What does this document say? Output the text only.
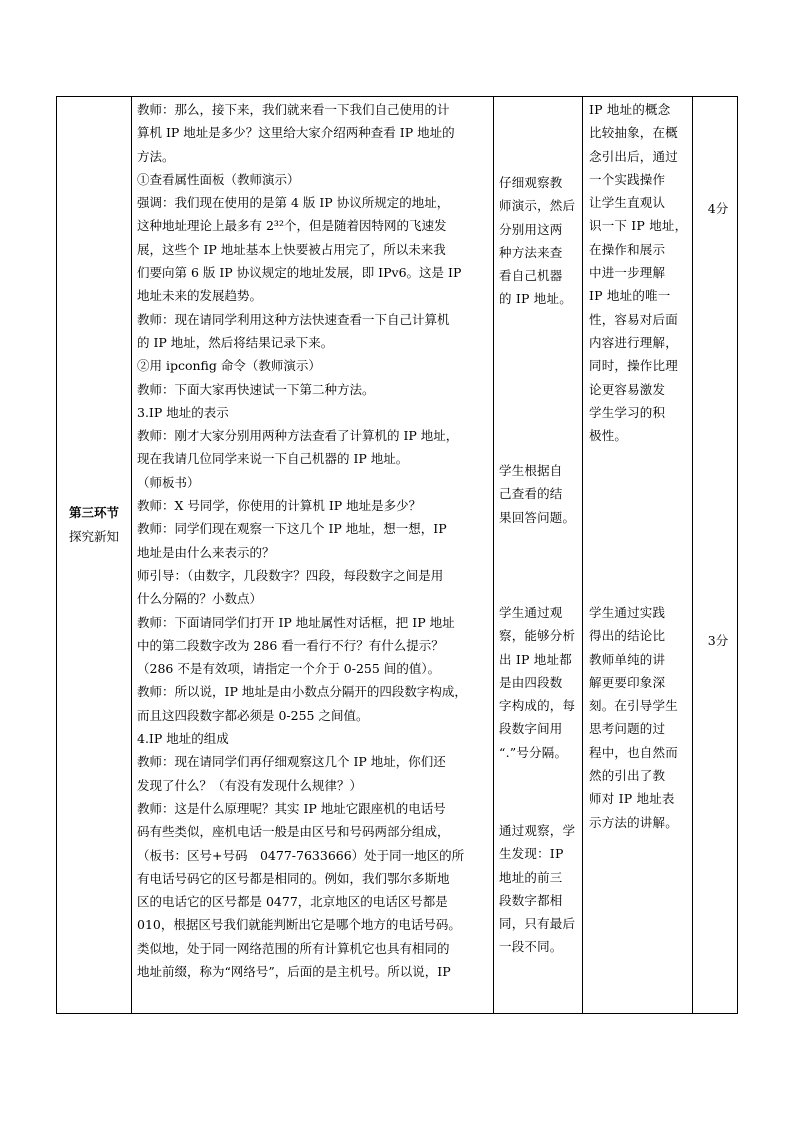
第三环节
探究新知

教师：那么，接下来，我们就来看一下我们自己使用的计

算机 IP 地址是多少？这里给大家介绍两种查看 IP 地址的

方法。

①查看属性面板（教师演示）

强调：我们现在使用的是第 4 版 IP 协议所规定的地址，

这种地址理论上最多有 2³²个，但是随着因特网的飞速发

展，这些个 IP 地址基本上快要被占用完了，所以未来我

们要向第 6 版 IP 协议规定的地址发展，即 IPv6。这是 IP

地址未来的发展趋势。

教师：现在请同学利用这种方法快速查看一下自己计算机

的 IP 地址，然后将结果记录下来。

②用 ipconfig 命令（教师演示）

教师：下面大家再快速试一下第二种方法。

3.IP 地址的表示

教师：刚才大家分别用两种方法查看了计算机的 IP 地址，

现在我请几位同学来说一下自己机器的 IP 地址。

（师板书）

教师：X 号同学，你使用的计算机 IP 地址是多少？

教师：同学们现在观察一下这几个 IP 地址，想一想，IP

地址是由什么来表示的？

师引导：（由数字，几段数字？四段，每段数字之间是用

什么分隔的？小数点）

教师：下面请同学们打开 IP 地址属性对话框，把 IP 地址

中的第二段数字改为 286 看一看行不行？有什么提示？

（286 不是有效项，请指定一个介于 0-255 间的值）。

教师：所以说，IP 地址是由小数点分隔开的四段数字构成，

而且这四段数字都必须是 0-255 之间值。

4.IP 地址的组成

教师：现在请同学们再仔细观察这几个 IP 地址，你们还

发现了什么？（有没有发现什么规律？）

教师：这是什么原理呢？其实 IP 地址它跟座机的电话号

码有些类似，座机电话一般是由区号和号码两部分组成，

（板书：区号+号码　0477-7633666）处于同一地区的所

有电话号码它的区号都是相同的。例如，我们鄂尔多斯地

区的电话它的区号都是 0477，北京地区的电话区号都是

010，根据区号我们就能判断出它是哪个地方的电话号码。

类似地，处于同一网络范围的所有计算机它也具有相同的

地址前缀，称为“网络号”，后面的是主机号。所以说，IP

仔细观察教

师演示，然后

分别用这两

种方法来查

看自己机器

的 IP 地址。

学生根据自

己查看的结

果回答问题。

学生通过观

察，能够分析

出 IP 地址都

是由四段数

字构成的，每

段数字间用

“.”号分隔。

通过观察，学

生发现：IP

地址的前三

段数字都相

同，只有最后

一段不同。

IP 地址的概念

比较抽象，在概

念引出后，通过

一个实践操作

让学生直观认

识一下 IP 地址，

在操作和展示

中进一步理解

IP 地址的唯一

性，容易对后面

内容进行理解，

同时，操作比理

论更容易激发

学生学习的积

极性。

学生通过实践

得出的结论比

教师单纯的讲

解更要印象深

刻。在引导学生

思考问题的过

程中，也自然而

然的引出了教

师对 IP 地址表

示方法的讲解。

4分
3分
